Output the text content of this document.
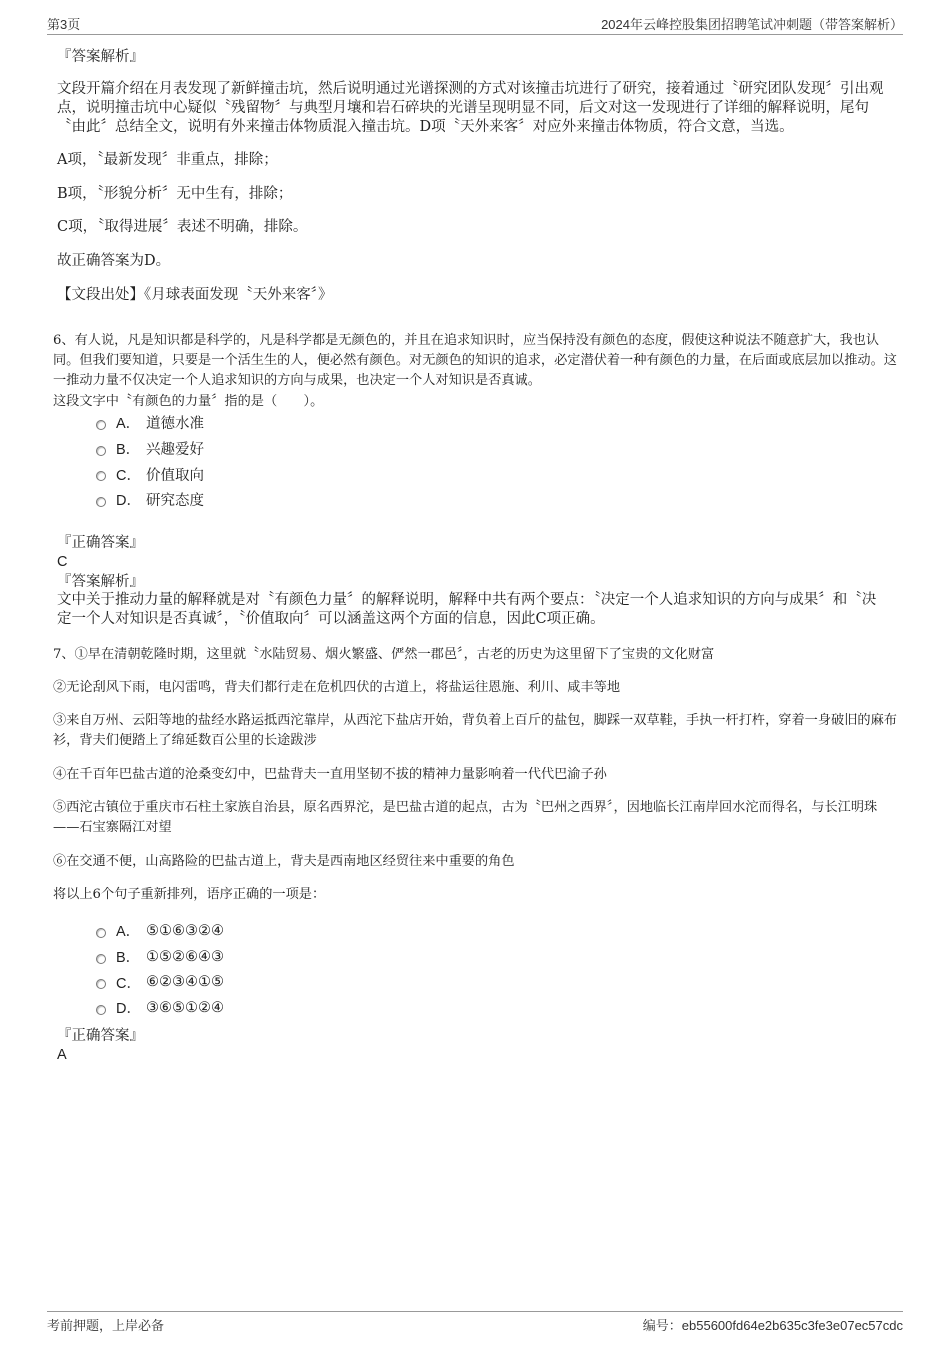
第3页	2024年云峰控股集团招聘笔试冲刺题（带答案解析）
『答案解析』
文段开篇介绍在月表发现了新鲜撞击坑，然后说明通过光谱探测的方式对该撞击坑进行了研究，接着通过〝研究团队发现〞引出观点，说明撞击坑中心疑似〝残留物〞与典型月壤和岩石碎块的光谱呈现明显不同，后文对这一发现进行了详细的解释说明，尾句〝由此〞总结全文，说明有外来撞击体物质混入撞击坑。D项〝天外来客〞对应外来撞击体物质，符合文意，当选。
A项，〝最新发现〞非重点，排除；
B项，〝形貌分析〞无中生有，排除；
C项，〝取得进展〞表述不明确，排除。
故正确答案为D。
【文段出处】《月球表面发现〝天外来客〞》
6、有人说，凡是知识都是科学的，凡是科学都是无颜色的，并且在追求知识时，应当保持没有颜色的态度，假使这种说法不随意扩大，我也认同。但我们要知道，只要是一个活生生的人，便必然有颜色。对无颜色的知识的追求，必定潜伏着一种有颜色的力量，在后面或底层加以推动。这一推动力量不仅决定一个人追求知识的方向与成果，也决定一个人对知识是否真诚。
这段文字中〝有颜色的力量〞指的是（　　）。
A． 道德水准
B． 兴趣爱好
C． 价值取向
D． 研究态度
『正确答案』
C
『答案解析』
文中关于推动力量的解释就是对〝有颜色力量〞的解释说明，解释中共有两个要点：〝决定一个人追求知识的方向与成果〞和〝决定一个人对知识是否真诚〞，〝价值取向〞可以涵盖这两个方面的信息，因此C项正确。
7、①早在清朝乾隆时期，这里就〝水陆贸易、烟火繁盛、俨然一郡邑〞，古老的历史为这里留下了宝贵的文化财富
②无论刮风下雨，电闪雷鸣，背夫们都行走在危机四伏的古道上，将盐运往恩施、利川、咸丰等地
③来自万州、云阳等地的盐经水路运抵西沱靠岸，从西沱下盐店开始，背负着上百斤的盐包，脚踩一双草鞋，手执一杆打杵，穿着一身破旧的麻布衫，背夫们便踏上了绵延数百公里的长途跋涉
④在千百年巴盐古道的沧桑变幻中，巴盐背夫一直用坚韧不拔的精神力量影响着一代代巴渝子孙
⑤西沱古镇位于重庆市石柱土家族自治县，原名西界沱，是巴盐古道的起点，古为〝巴州之西界〞，因地临长江南岸回水沱而得名，与长江明珠——石宝寨隔江对望
⑥在交通不便，山高路险的巴盐古道上，背夫是西南地区经贸往来中重要的角色
将以上6个句子重新排列，语序正确的一项是：
A． ⑤①⑥③②④
B． ①⑤②⑥④③
C． ⑥②③④①⑤
D． ③⑥⑤①②④
『正确答案』
A
考前押题，上岸必备	编号：eb55600fd64e2b635c3fe3e07ec57cdc
